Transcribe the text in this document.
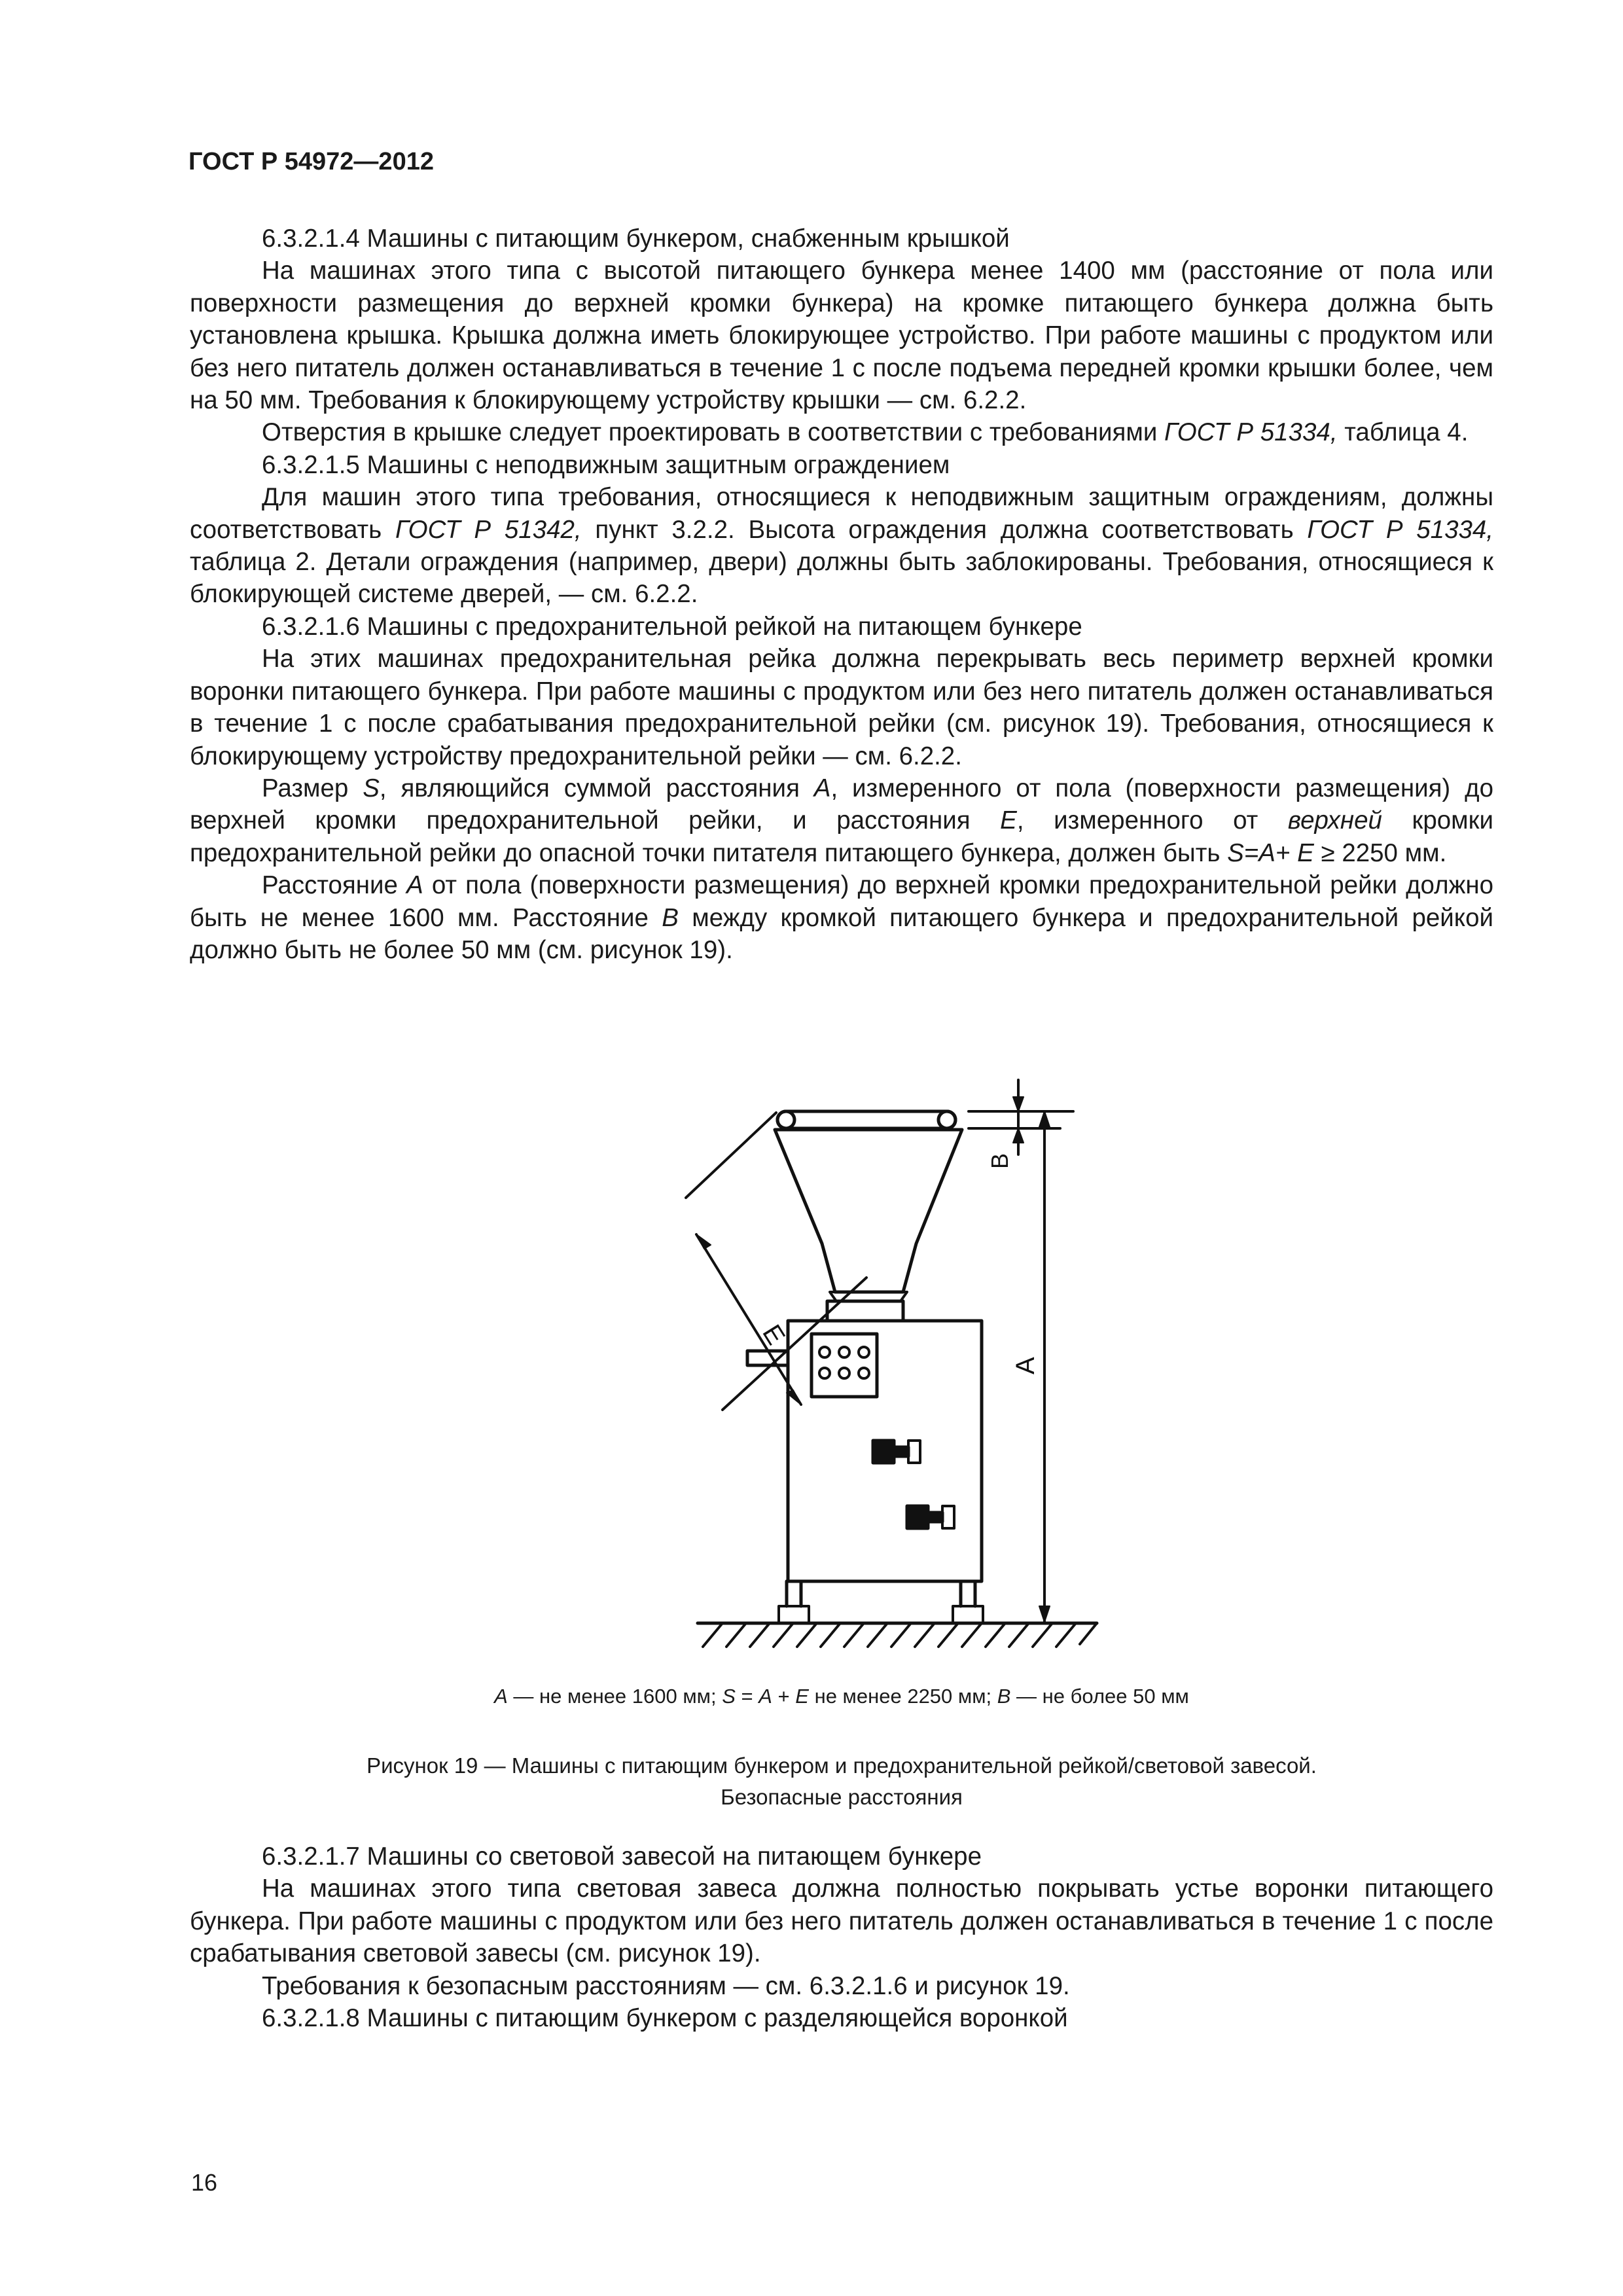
ГОСТ Р 54972—2012

6.3.2.1.4 Машины с питающим бункером, снабженным крышкой

На машинах этого типа с высотой питающего бункера менее 1400 мм (расстояние от пола или поверхности размещения до верхней кромки бункера) на кромке питающего бункера должна быть установлена крышка. Крышка должна иметь блокирующее устройство. При работе машины с продуктом или без него питатель должен останавливаться в течение 1 с после подъема передней кромки крышки более, чем на 50 мм. Требования к блокирующему устройству крышки — см. 6.2.2.

Отверстия в крышке следует проектировать в соответствии с требованиями ГОСТ Р 51334, таблица 4.

6.3.2.1.5 Машины с неподвижным защитным ограждением

Для машин этого типа требования, относящиеся к неподвижным защитным ограждениям, должны соответствовать ГОСТ Р 51342, пункт 3.2.2. Высота ограждения должна соответствовать ГОСТ Р 51334, таблица 2. Детали ограждения (например, двери) должны быть заблокированы. Требования, относящиеся к блокирующей системе дверей, — см. 6.2.2.

6.3.2.1.6 Машины с предохранительной рейкой на питающем бункере

На этих машинах предохранительная рейка должна перекрывать весь периметр верхней кромки воронки питающего бункера. При работе машины с продуктом или без него питатель должен останавливаться в течение 1 с после срабатывания предохранительной рейки (см. рисунок 19). Требования, относящиеся к блокирующему устройству предохранительной рейки — см. 6.2.2.

Размер S, являющийся суммой расстояния А, измеренного от пола (поверхности размещения) до верхней кромки предохранительной рейки, и расстояния Е, измеренного от верхней кромки предохранительной рейки до опасной точки питателя питающего бункера, должен быть S=A+ E ≥ 2250 мм.

Расстояние А от пола (поверхности размещения) до верхней кромки предохранительной рейки должно быть не менее 1600 мм. Расстояние В между кромкой питающего бункера и предохранительной рейкой должно быть не более 50 мм (см. рисунок 19).

E
A
B
A — не менее 1600 мм; S = A + E не менее 2250 мм; B — не более 50 мм
Рисунок 19 — Машины с питающим бункером и предохранительной рейкой/световой завесой.
Безопасные расстояния

6.3.2.1.7 Машины со световой завесой на питающем бункере

На машинах этого типа световая завеса должна полностью покрывать устье воронки питающего бункера. При работе машины с продуктом или без него питатель должен останавливаться в течение 1 с после срабатывания световой завесы (см. рисунок 19).

Требования к безопасным расстояниям — см. 6.3.2.1.6 и рисунок 19.

6.3.2.1.8 Машины с питающим бункером с разделяющейся воронкой

16
